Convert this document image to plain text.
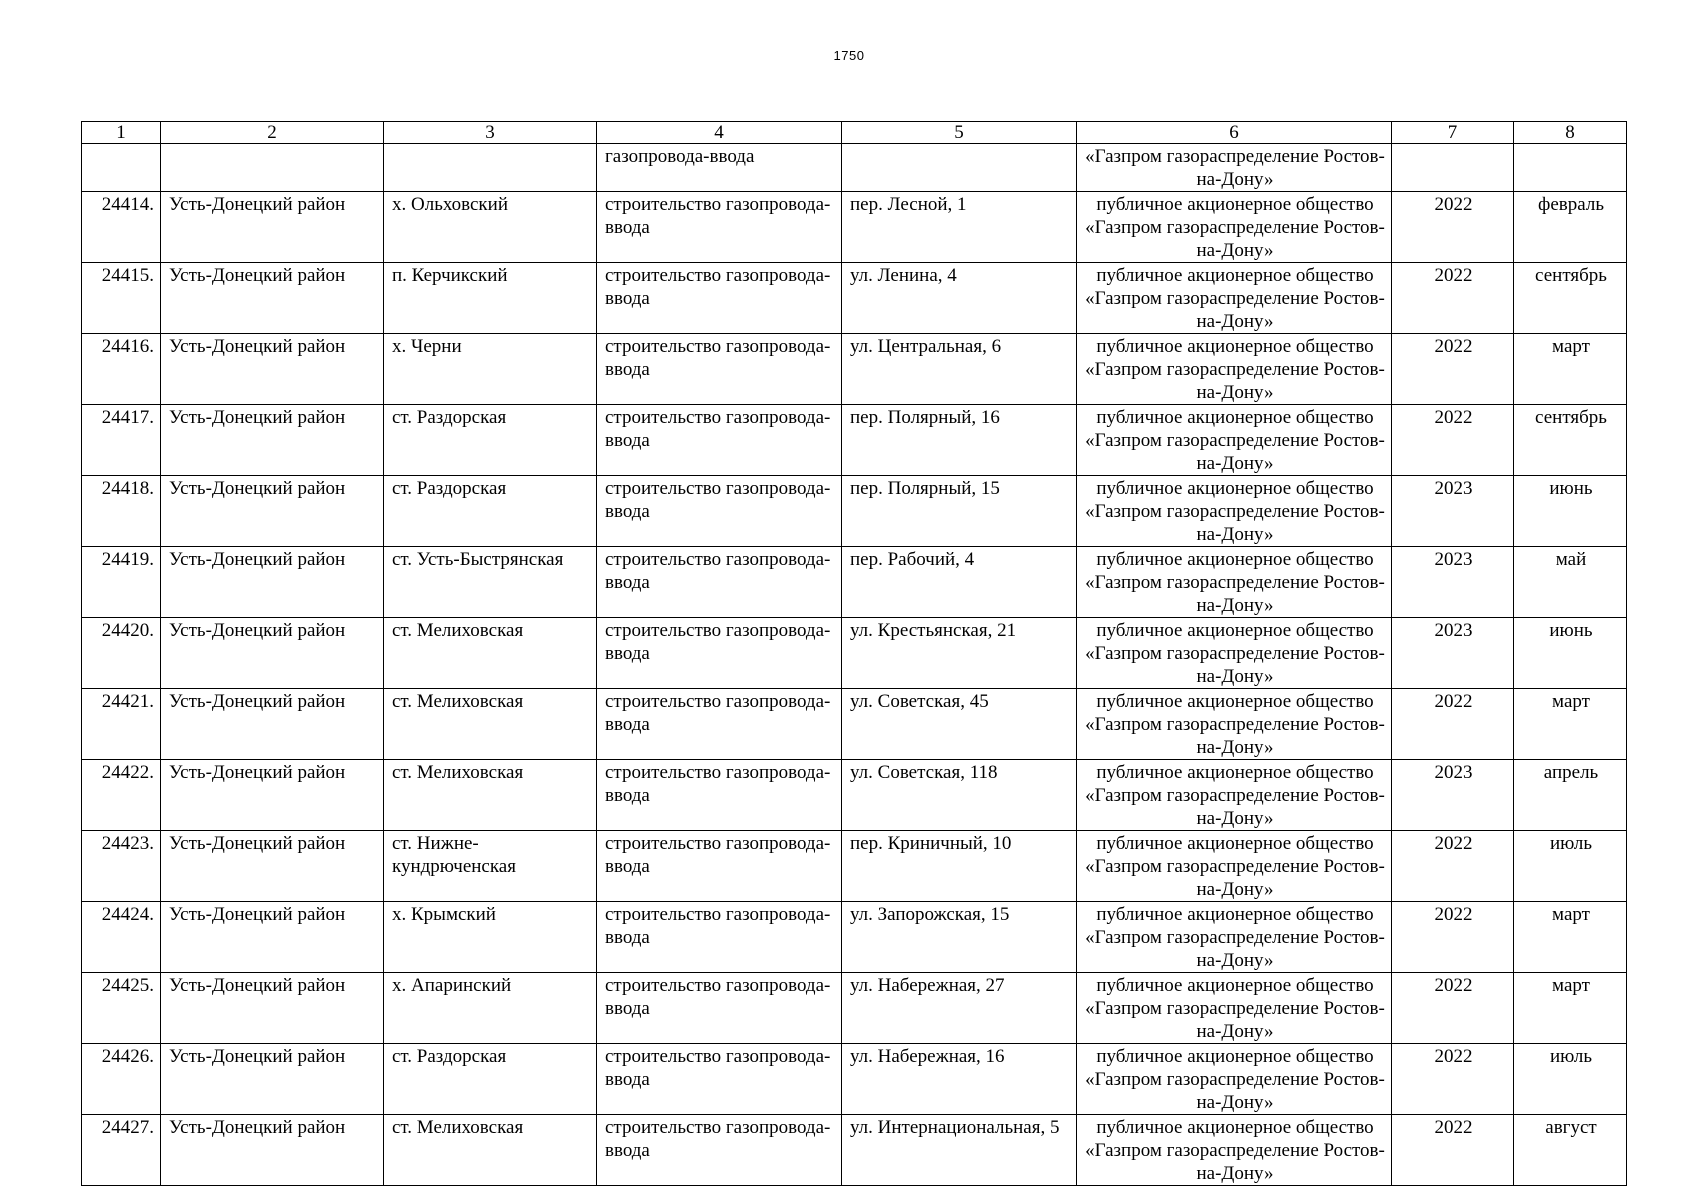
1750
1	2	3	4	5	6	7	8
			газопровода-ввода		«Газпром газораспределение Ростов-на-Дону»		
24414.	Усть-Донецкий район	х. Ольховский	строительство газопровода-ввода	пер. Лесной, 1	публичное акционерное общество «Газпром газораспределение Ростов-на-Дону»	2022	февраль
24415.	Усть-Донецкий район	п. Керчикский	строительство газопровода-ввода	ул. Ленина, 4	публичное акционерное общество «Газпром газораспределение Ростов-на-Дону»	2022	сентябрь
24416.	Усть-Донецкий район	х. Черни	строительство газопровода-ввода	ул. Центральная, 6	публичное акционерное общество «Газпром газораспределение Ростов-на-Дону»	2022	март
24417.	Усть-Донецкий район	ст. Раздорская	строительство газопровода-ввода	пер. Полярный, 16	публичное акционерное общество «Газпром газораспределение Ростов-на-Дону»	2022	сентябрь
24418.	Усть-Донецкий район	ст. Раздорская	строительство газопровода-ввода	пер. Полярный, 15	публичное акционерное общество «Газпром газораспределение Ростов-на-Дону»	2023	июнь
24419.	Усть-Донецкий район	ст. Усть-Быстрянская	строительство газопровода-ввода	пер. Рабочий, 4	публичное акционерное общество «Газпром газораспределение Ростов-на-Дону»	2023	май
24420.	Усть-Донецкий район	ст. Мелиховская	строительство газопровода-ввода	ул. Крестьянская, 21	публичное акционерное общество «Газпром газораспределение Ростов-на-Дону»	2023	июнь
24421.	Усть-Донецкий район	ст. Мелиховская	строительство газопровода-ввода	ул. Советская, 45	публичное акционерное общество «Газпром газораспределение Ростов-на-Дону»	2022	март
24422.	Усть-Донецкий район	ст. Мелиховская	строительство газопровода-ввода	ул. Советская, 118	публичное акционерное общество «Газпром газораспределение Ростов-на-Дону»	2023	апрель
24423.	Усть-Донецкий район	ст. Нижне-кундрюченская	строительство газопровода-ввода	пер. Криничный, 10	публичное акционерное общество «Газпром газораспределение Ростов-на-Дону»	2022	июль
24424.	Усть-Донецкий район	х. Крымский	строительство газопровода-ввода	ул. Запорожская, 15	публичное акционерное общество «Газпром газораспределение Ростов-на-Дону»	2022	март
24425.	Усть-Донецкий район	х. Апаринский	строительство газопровода-ввода	ул. Набережная, 27	публичное акционерное общество «Газпром газораспределение Ростов-на-Дону»	2022	март
24426.	Усть-Донецкий район	ст. Раздорская	строительство газопровода-ввода	ул. Набережная, 16	публичное акционерное общество «Газпром газораспределение Ростов-на-Дону»	2022	июль
24427.	Усть-Донецкий район	ст. Мелиховская	строительство газопровода-ввода	ул. Интернациональная, 5	публичное акционерное общество «Газпром газораспределение Ростов-на-Дону»	2022	август
